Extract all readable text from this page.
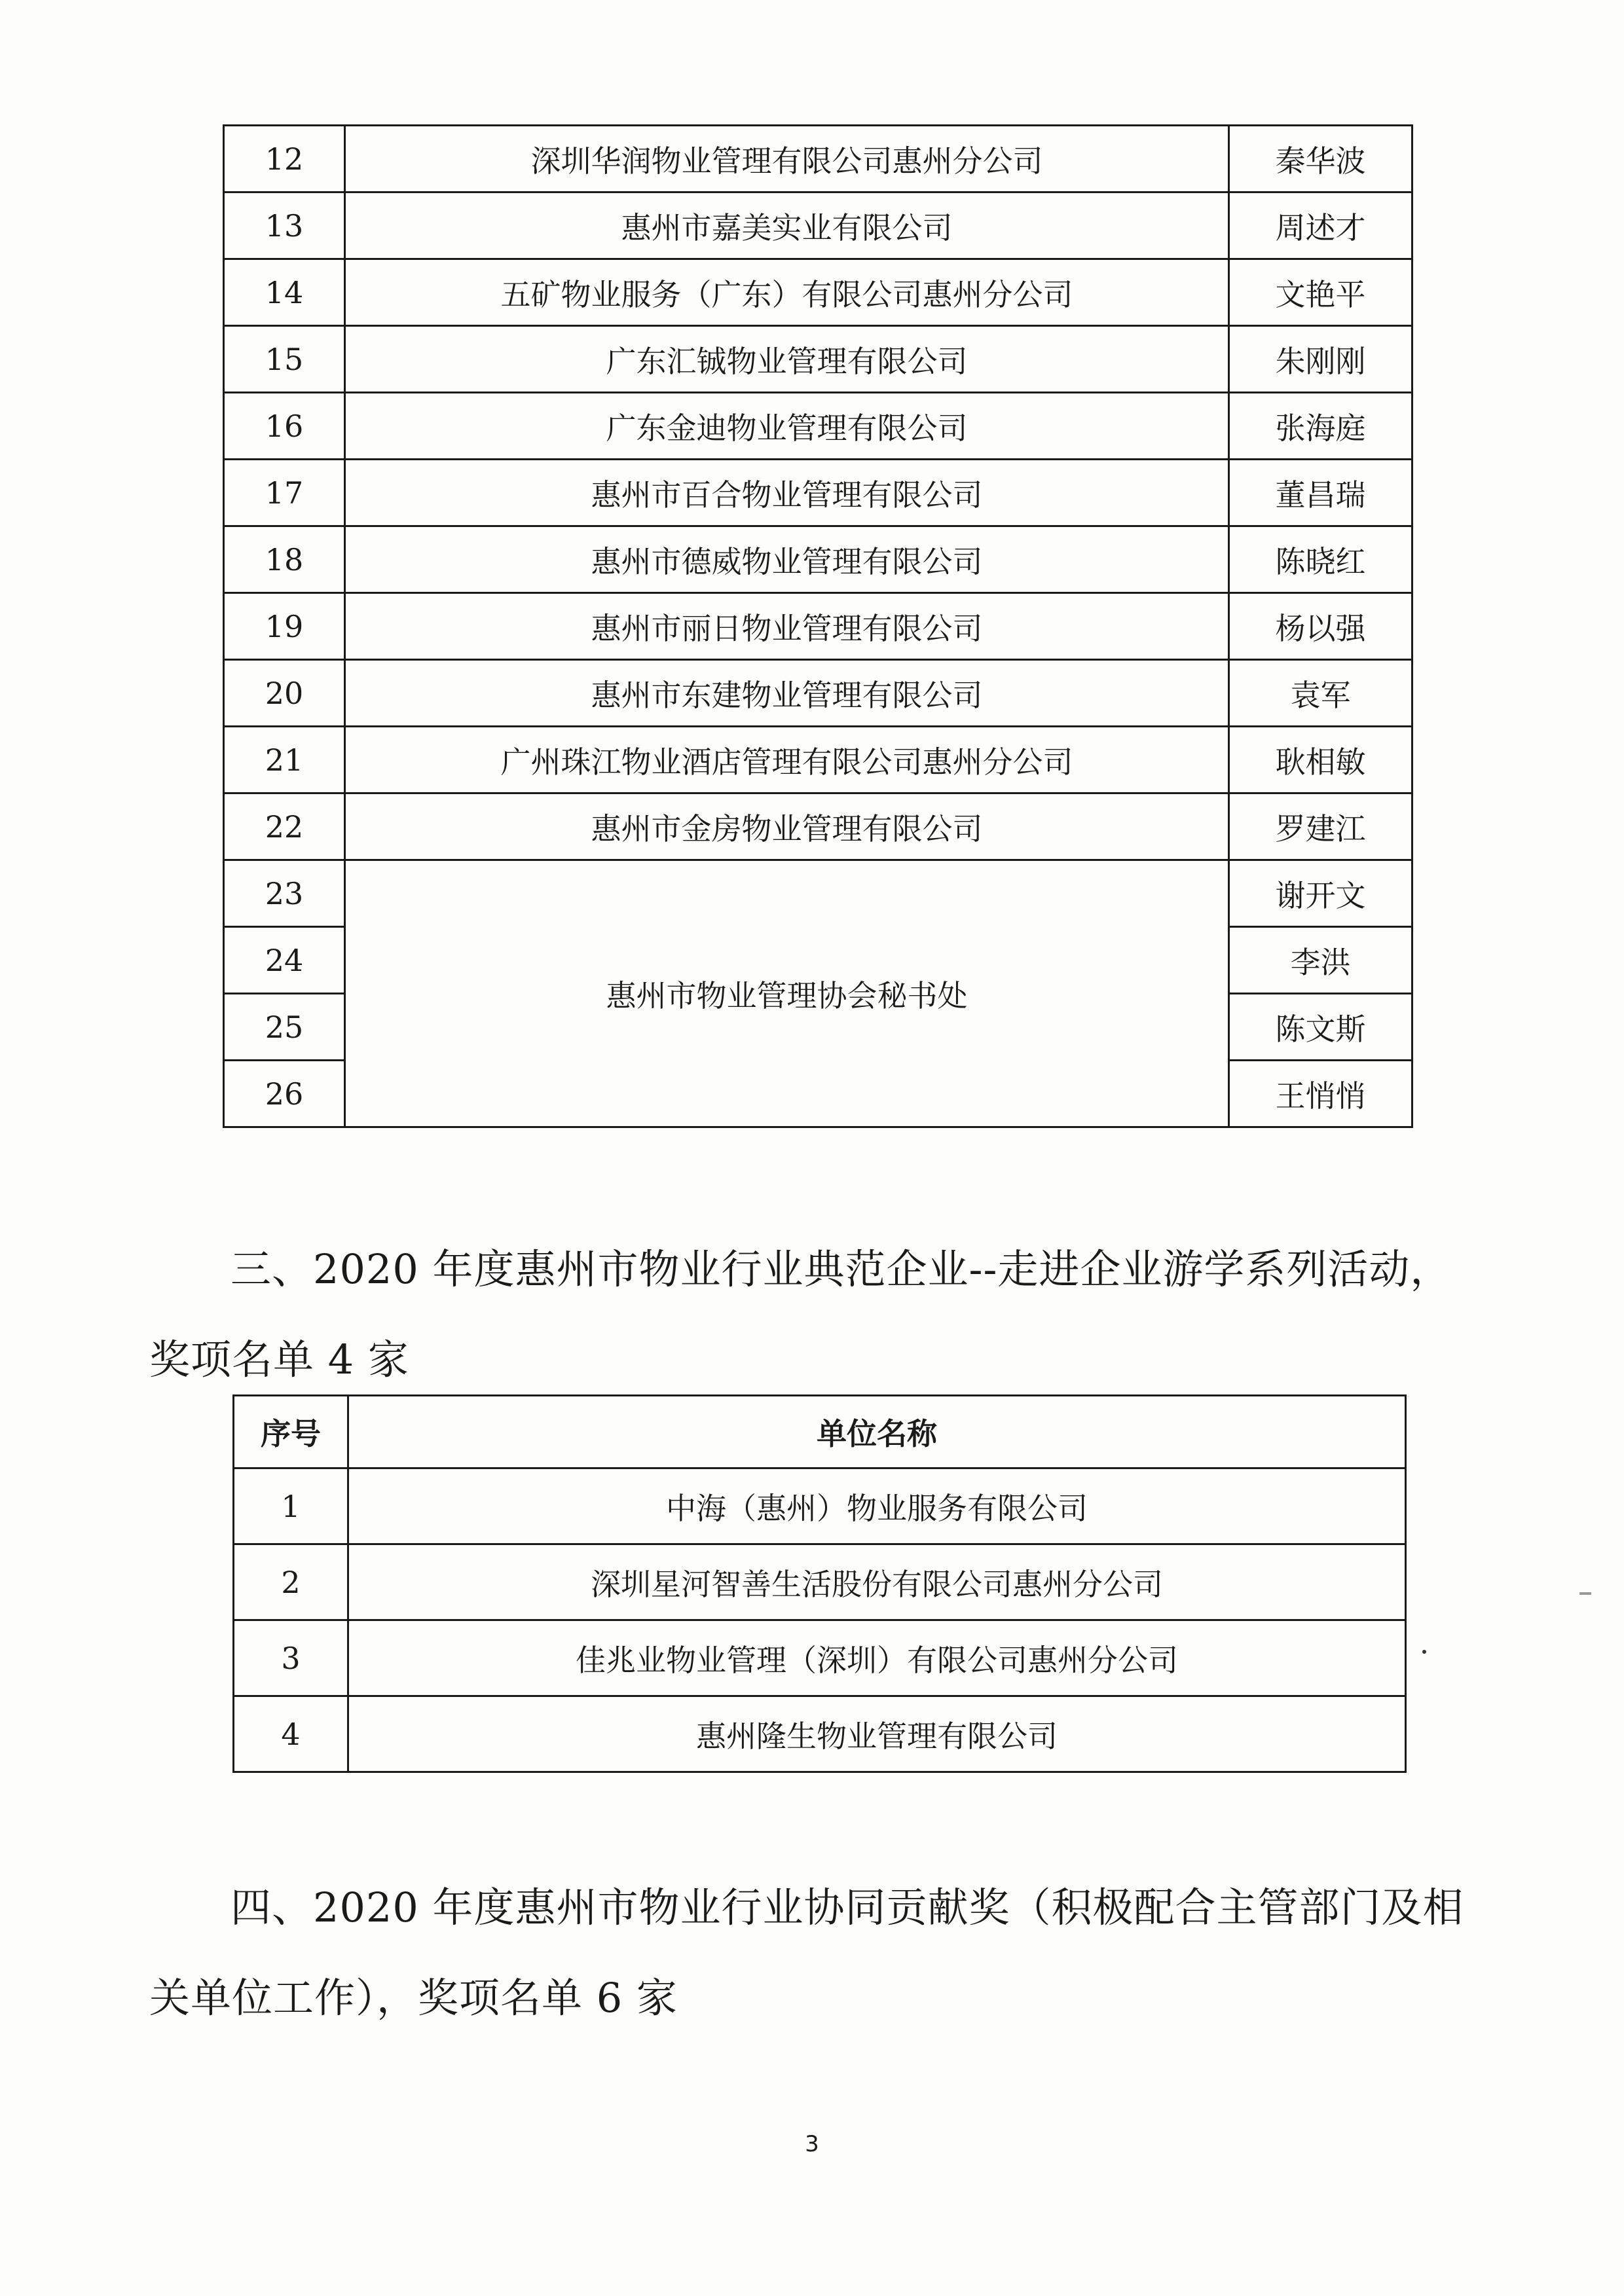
12	深圳华润物业管理有限公司惠州分公司	秦华波
13	惠州市嘉美实业有限公司	周述才
14	五矿物业服务（广东）有限公司惠州分公司	文艳平
15	广东汇铖物业管理有限公司	朱刚刚
16	广东金迪物业管理有限公司	张海庭
17	惠州市百合物业管理有限公司	董昌瑞
18	惠州市德威物业管理有限公司	陈晓红
19	惠州市丽日物业管理有限公司	杨以强
20	惠州市东建物业管理有限公司	袁军
21	广州珠江物业酒店管理有限公司惠州分公司	耿相敏
22	惠州市金房物业管理有限公司	罗建江
23	惠州市物业管理协会秘书处	谢开文
24		李洪
25		陈文斯
26		王悄悄

三、2020 年度惠州市物业行业典范企业--走进企业游学系列活动，奖项名单 4 家

序号	单位名称
1	中海（惠州）物业服务有限公司
2	深圳星河智善生活股份有限公司惠州分公司
3	佳兆业物业管理（深圳）有限公司惠州分公司
4	惠州隆生物业管理有限公司

四、2020 年度惠州市物业行业协同贡献奖（积极配合主管部门及相关单位工作），奖项名单 6 家

3
